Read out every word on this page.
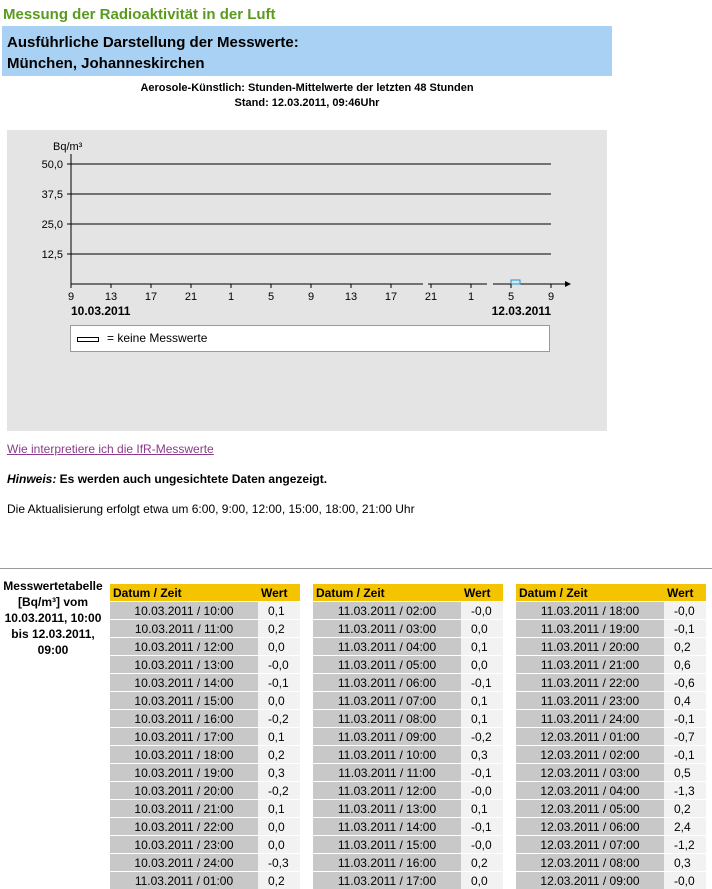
Messung der Radioaktivität in der Luft
Ausführliche Darstellung der Messwerte:
München, Johanneskirchen
Aerosole-Künstlich: Stunden-Mittelwerte der letzten 48 Stunden
Stand: 12.03.2011, 09:46Uhr
Bq/m³
50,0
37,5
25,0
12,5
9	13	17	21	1	5	9	13	17	21	1	5	9
10.03.2011	12.03.2011
= keine Messwerte
Wie interpretiere ich die IfR-Messwerte
Hinweis: Es werden auch ungesichtete Daten angezeigt.
Die Aktualisierung erfolgt etwa um 6:00, 9:00, 12:00, 15:00, 18:00, 21:00 Uhr
Messwertetabelle [Bq/m³] vom 10.03.2011, 10:00 bis 12.03.2011, 09:00
Datum / Zeit	Wert
10.03.2011 / 10:00	0,1
10.03.2011 / 11:00	0,2
10.03.2011 / 12:00	0,0
10.03.2011 / 13:00	-0,0
10.03.2011 / 14:00	-0,1
10.03.2011 / 15:00	0,0
10.03.2011 / 16:00	-0,2
10.03.2011 / 17:00	0,1
10.03.2011 / 18:00	0,2
10.03.2011 / 19:00	0,3
10.03.2011 / 20:00	-0,2
10.03.2011 / 21:00	0,1
10.03.2011 / 22:00	0,0
10.03.2011 / 23:00	0,0
10.03.2011 / 24:00	-0,3
11.03.2011 / 01:00	0,2
Datum / Zeit	Wert
11.03.2011 / 02:00	-0,0
11.03.2011 / 03:00	0,0
11.03.2011 / 04:00	0,1
11.03.2011 / 05:00	0,0
11.03.2011 / 06:00	-0,1
11.03.2011 / 07:00	0,1
11.03.2011 / 08:00	0,1
11.03.2011 / 09:00	-0,2
11.03.2011 / 10:00	0,3
11.03.2011 / 11:00	-0,1
11.03.2011 / 12:00	-0,0
11.03.2011 / 13:00	0,1
11.03.2011 / 14:00	-0,1
11.03.2011 / 15:00	-0,0
11.03.2011 / 16:00	0,2
11.03.2011 / 17:00	0,0
Datum / Zeit	Wert
11.03.2011 / 18:00	-0,0
11.03.2011 / 19:00	-0,1
11.03.2011 / 20:00	0,2
11.03.2011 / 21:00	0,6
11.03.2011 / 22:00	-0,6
11.03.2011 / 23:00	0,4
11.03.2011 / 24:00	-0,1
12.03.2011 / 01:00	-0,7
12.03.2011 / 02:00	-0,1
12.03.2011 / 03:00	0,5
12.03.2011 / 04:00	-1,3
12.03.2011 / 05:00	0,2
12.03.2011 / 06:00	2,4
12.03.2011 / 07:00	-1,2
12.03.2011 / 08:00	0,3
12.03.2011 / 09:00	-0,0
